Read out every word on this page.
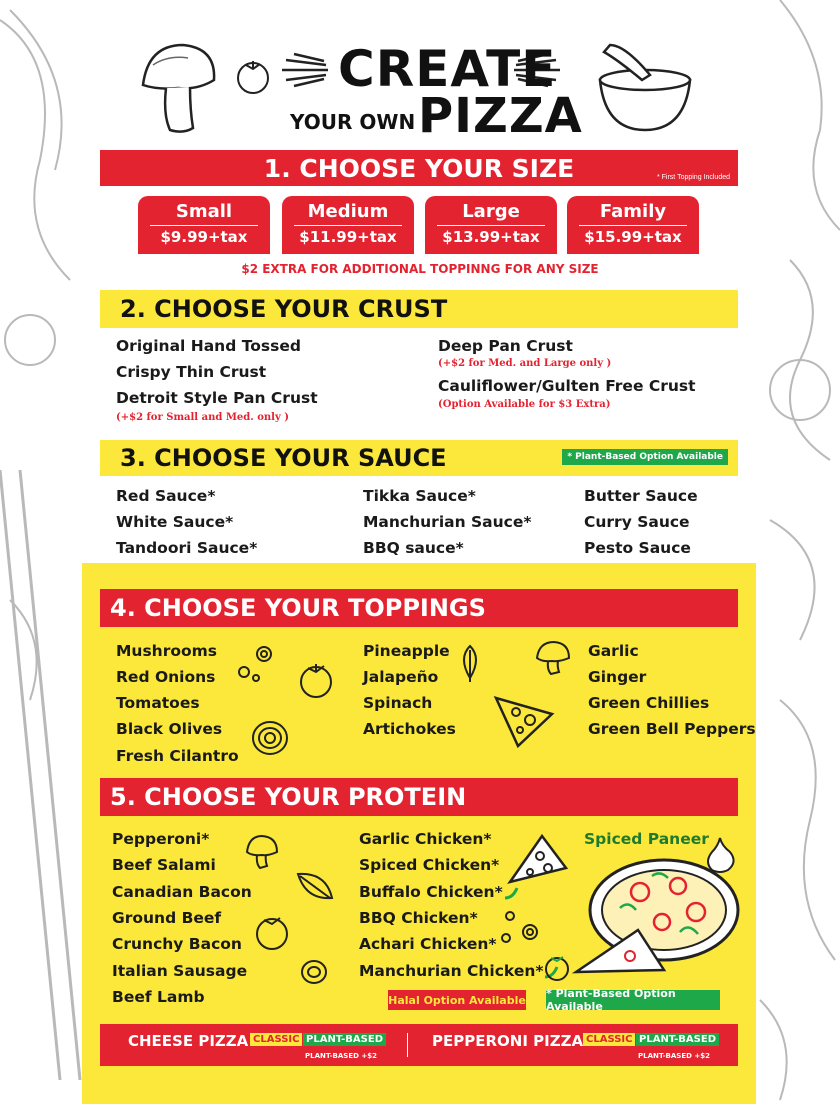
CREATE
YOUR OWN PIZZA
1. CHOOSE YOUR SIZE	* First Topping Included
Small
$9.99+tax
Medium
$11.99+tax
Large
$13.99+tax
Family
$15.99+tax
$2 EXTRA FOR ADDITIONAL TOPPINNG FOR ANY SIZE
2. CHOOSE YOUR CRUST
Original Hand Tossed
Crispy Thin Crust
Detroit Style Pan Crust
(+$2 for Small and Med. only )
Deep Pan Crust
(+$2 for Med. and Large only )
Cauliflower/Gulten Free Crust
(Option Available for $3 Extra)
3. CHOOSE YOUR SAUCE	* Plant-Based Option Available
Red Sauce*
White Sauce*
Tandoori Sauce*
Tikka Sauce*
Manchurian Sauce*
BBQ sauce*
Butter Sauce
Curry Sauce
Pesto Sauce
4. CHOOSE YOUR TOPPINGS
Mushrooms
Red Onions
Tomatoes
Black Olives
Fresh Cilantro
Pineapple
Jalapeño
Spinach
Artichokes
Garlic
Ginger
Green Chillies
Green Bell Peppers
5. CHOOSE YOUR PROTEIN
Pepperoni*
Beef Salami
Canadian Bacon
Ground Beef
Crunchy Bacon
Italian Sausage
Beef Lamb
Garlic Chicken*
Spiced Chicken*
Buffalo Chicken*
BBQ Chicken*
Achari Chicken*
Manchurian Chicken*
Spiced Paneer
Halal Option Available * Plant-Based Option Available
CHEESE PIZZA CLASSIC PLANT-BASED
PLANT-BASED +$2
PEPPERONI PIZZA CLASSIC PLANT-BASED
PLANT-BASED +$2
